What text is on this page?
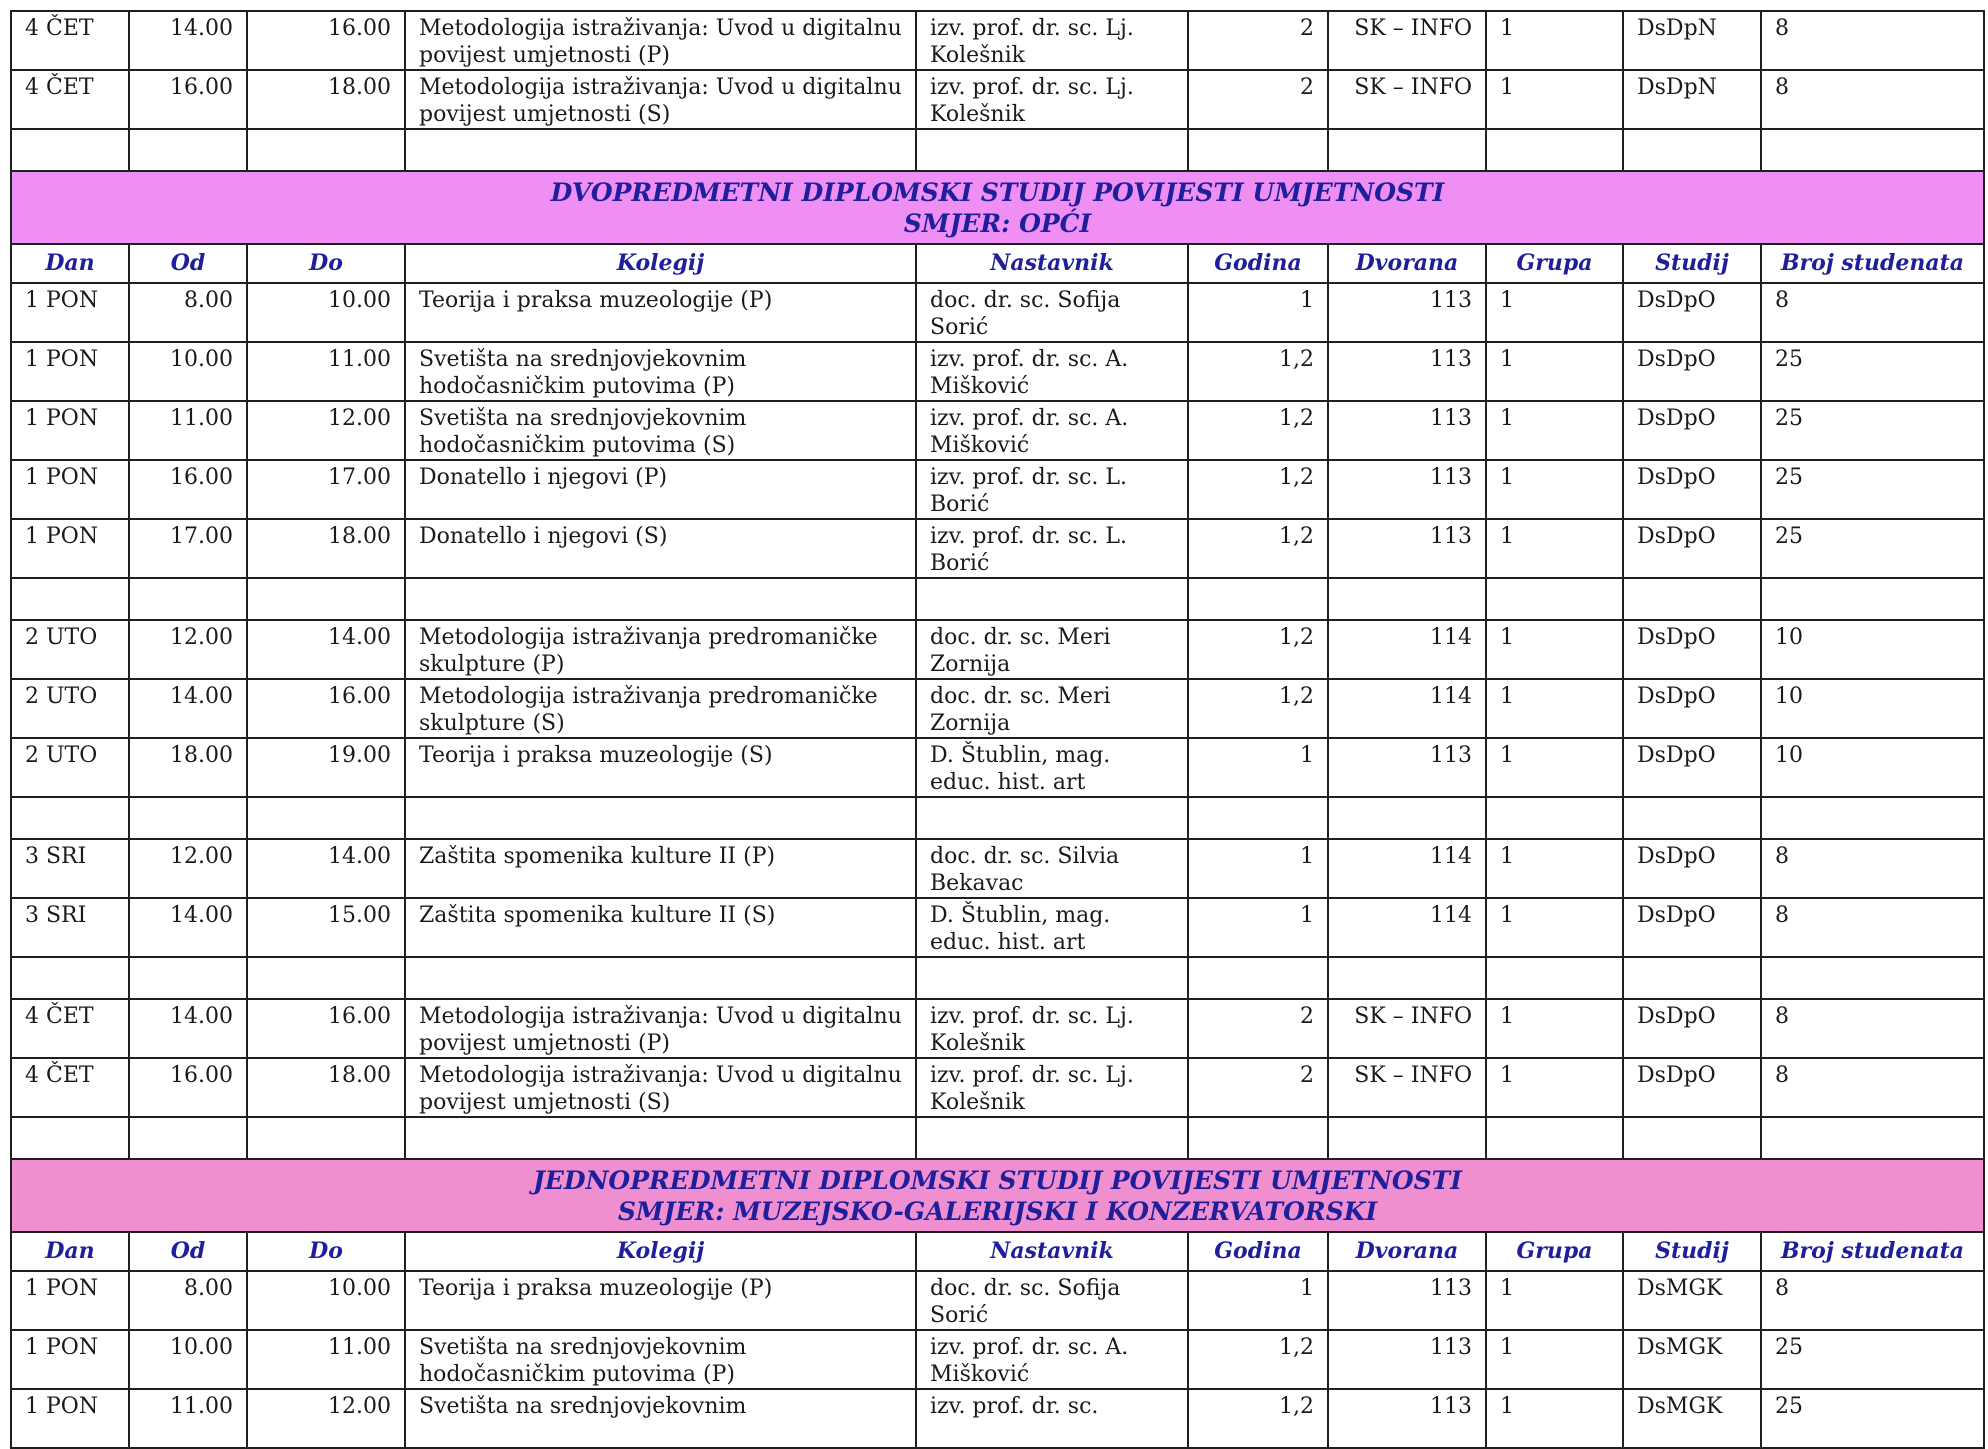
4 ČET	14.00	16.00	Metodologija istraživanja: Uvod u digitalnu povijest umjetnosti (P)	izv. prof. dr. sc. Lj. Kolešnik	2	SK – INFO	1	DsDpN	8
4 ČET	16.00	18.00	Metodologija istraživanja: Uvod u digitalnu povijest umjetnosti (S)	izv. prof. dr. sc. Lj. Kolešnik	2	SK – INFO	1	DsDpN	8

DVOPREDMETNI DIPLOMSKI STUDIJ POVIJESTI UMJETNOSTI
SMJER: OPĆI									

Dan	Od	Do	Kolegij	Nastavnik	Godina	Dvorana	Grupa	Studij	Broj studenata
1 PON	8.00	10.00	Teorija i praksa muzeologije (P)	doc. dr. sc. Sofija Sorić	1	113	1	DsDpO	8
1 PON	10.00	11.00	Svetišta na srednjovjekovnim hodočasničkim putovima (P)	izv. prof. dr. sc. A. Mišković	1,2	113	1	DsDpO	25
1 PON	11.00	12.00	Svetišta na srednjovjekovnim hodočasničkim putovima (S)	izv. prof. dr. sc. A. Mišković	1,2	113	1	DsDpO	25
1 PON	16.00	17.00	Donatello i njegovi (P)	izv. prof. dr. sc. L. Borić	1,2	113	1	DsDpO	25
1 PON	17.00	18.00	Donatello i njegovi (S)	izv. prof. dr. sc. L. Borić	1,2	113	1	DsDpO	25

2 UTO	12.00	14.00	Metodologija istraživanja predromaničke skulpture (P)	doc. dr. sc. Meri Zornija	1,2	114	1	DsDpO	10
2 UTO	14.00	16.00	Metodologija istraživanja predromaničke skulpture (S)	doc. dr. sc. Meri Zornija	1,2	114	1	DsDpO	10
2 UTO	18.00	19.00	Teorija i praksa muzeologije (S)	D. Štublin, mag. educ. hist. art	1	113	1	DsDpO	10

3 SRI	12.00	14.00	Zaštita spomenika kulture II (P)	doc. dr. sc. Silvia Bekavac	1	114	1	DsDpO	8
3 SRI	14.00	15.00	Zaštita spomenika kulture II (S)	D. Štublin, mag. educ. hist. art	1	114	1	DsDpO	8

4 ČET	14.00	16.00	Metodologija istraživanja: Uvod u digitalnu povijest umjetnosti (P)	izv. prof. dr. sc. Lj. Kolešnik	2	SK – INFO	1	DsDpO	8
4 ČET	16.00	18.00	Metodologija istraživanja: Uvod u digitalnu povijest umjetnosti (S)	izv. prof. dr. sc. Lj. Kolešnik	2	SK – INFO	1	DsDpO	8

JEDNOPREDMETNI DIPLOMSKI STUDIJ POVIJESTI UMJETNOSTI
SMJER: MUZEJSKO-GALERIJSKI I KONZERVATORSKI									

Dan	Od	Do	Kolegij	Nastavnik	Godina	Dvorana	Grupa	Studij	Broj studenata
1 PON	8.00	10.00	Teorija i praksa muzeologije (P)	doc. dr. sc. Sofija Sorić	1	113	1	DsMGK	8
1 PON	10.00	11.00	Svetišta na srednjovjekovnim hodočasničkim putovima (P)	izv. prof. dr. sc. A. Mišković	1,2	113	1	DsMGK	25
1 PON	11.00	12.00	Svetišta na srednjovjekovnim	izv. prof. dr. sc.	1,2	113	1	DsMGK	25
